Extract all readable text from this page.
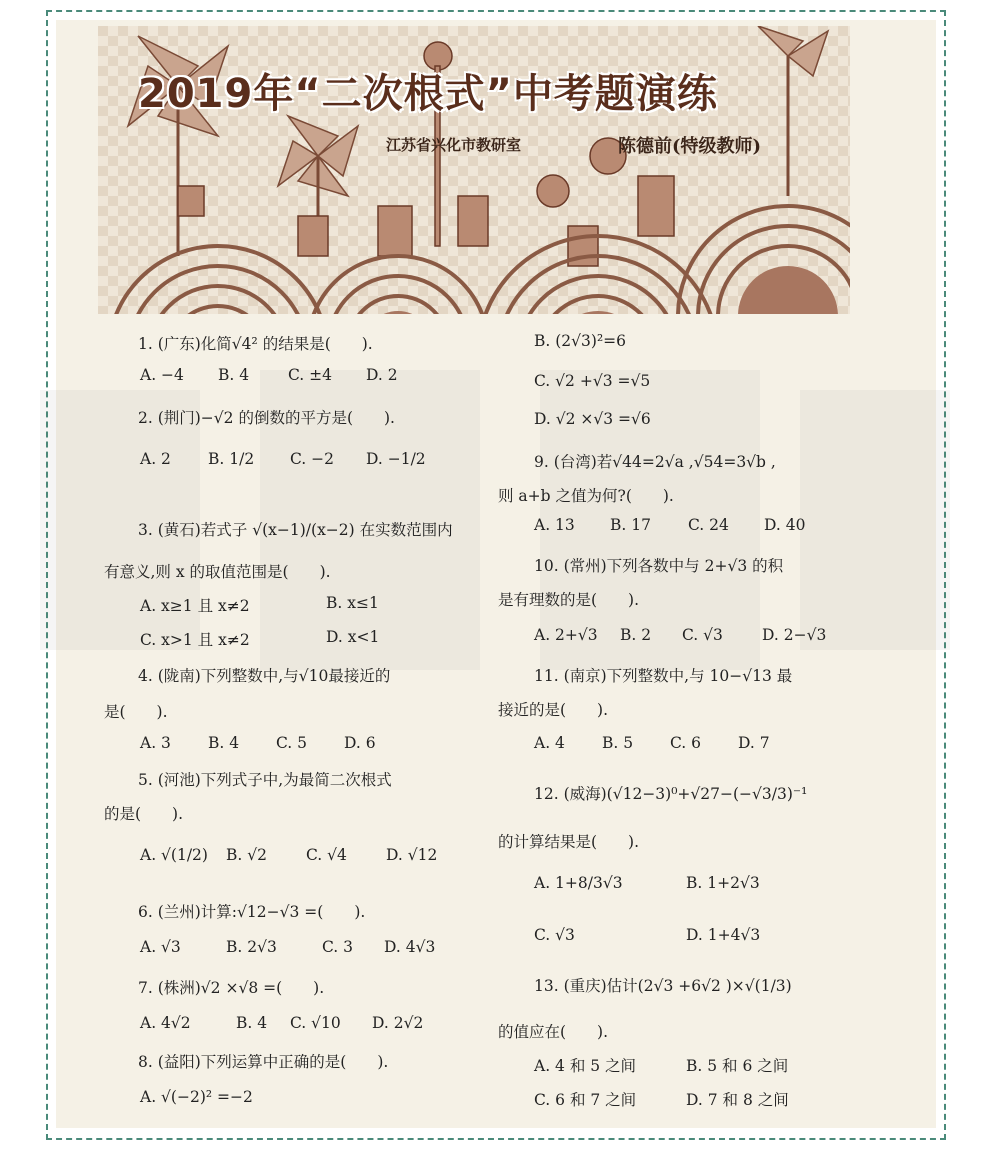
2019年“二次根式”中考题演练
江苏省兴化市教研室	陈德前(特级教师)
1. (广东)化简√4² 的结果是(　　).
A. −4 B. 4	C. ±4 D. 2
2. (荆门)−√2 的倒数的平方是(　　).
A. 2 B. 1/2 C. −2 D. −1/2
3. (黄石)若式子 √(x−1)/(x−2) 在实数范围内
有意义,则 x 的取值范围是(　　).
A. x≥1 且 x≠2	B. x≤1
C. x>1 且 x≠2	D. x<1
4. (陇南)下列整数中,与√10最接近的
是(　　).
A. 3 B. 4 C. 5 D. 6
5. (河池)下列式子中,为最简二次根式
的是(　　).
A. √(1/2) B. √2	C. √4	D. √12
6. (兰州)计算:√12−√3 =(　　).
A. √3	B. 2√3	C. 3 D. 4√3
7. (株洲)√2 ×√8 =(　　).
A. 4√2	B. 4 C. √10 D. 2√2
8. (益阳)下列运算中正确的是(　　).
A. √(−2)² =−2
B. (2√3)²=6
C. √2 +√3 =√5
D. √2 ×√3 =√6
9. (台湾)若√44=2√a ,√54=3√b ,
则 a+b 之值为何?(　　).
A. 13 B. 17 C. 24 D. 40
10. (常州)下列各数中与 2+√3 的积
是有理数的是(　　).
A. 2+√3 B. 2 C. √3	D. 2−√3
11. (南京)下列整数中,与 10−√13 最
接近的是(　　).
A. 4 B. 5 C. 6 D. 7
12. (威海)(√12−3)⁰+√27−(−√3/3)⁻¹
的计算结果是(　　).
A. 1+8/3√3	B. 1+2√3
C. √3	D. 1+4√3
13. (重庆)估计(2√3 +6√2 )×√(1/3)
的值应在(　　).
A. 4 和 5 之间	B. 5 和 6 之间
C. 6 和 7 之间	D. 7 和 8 之间
